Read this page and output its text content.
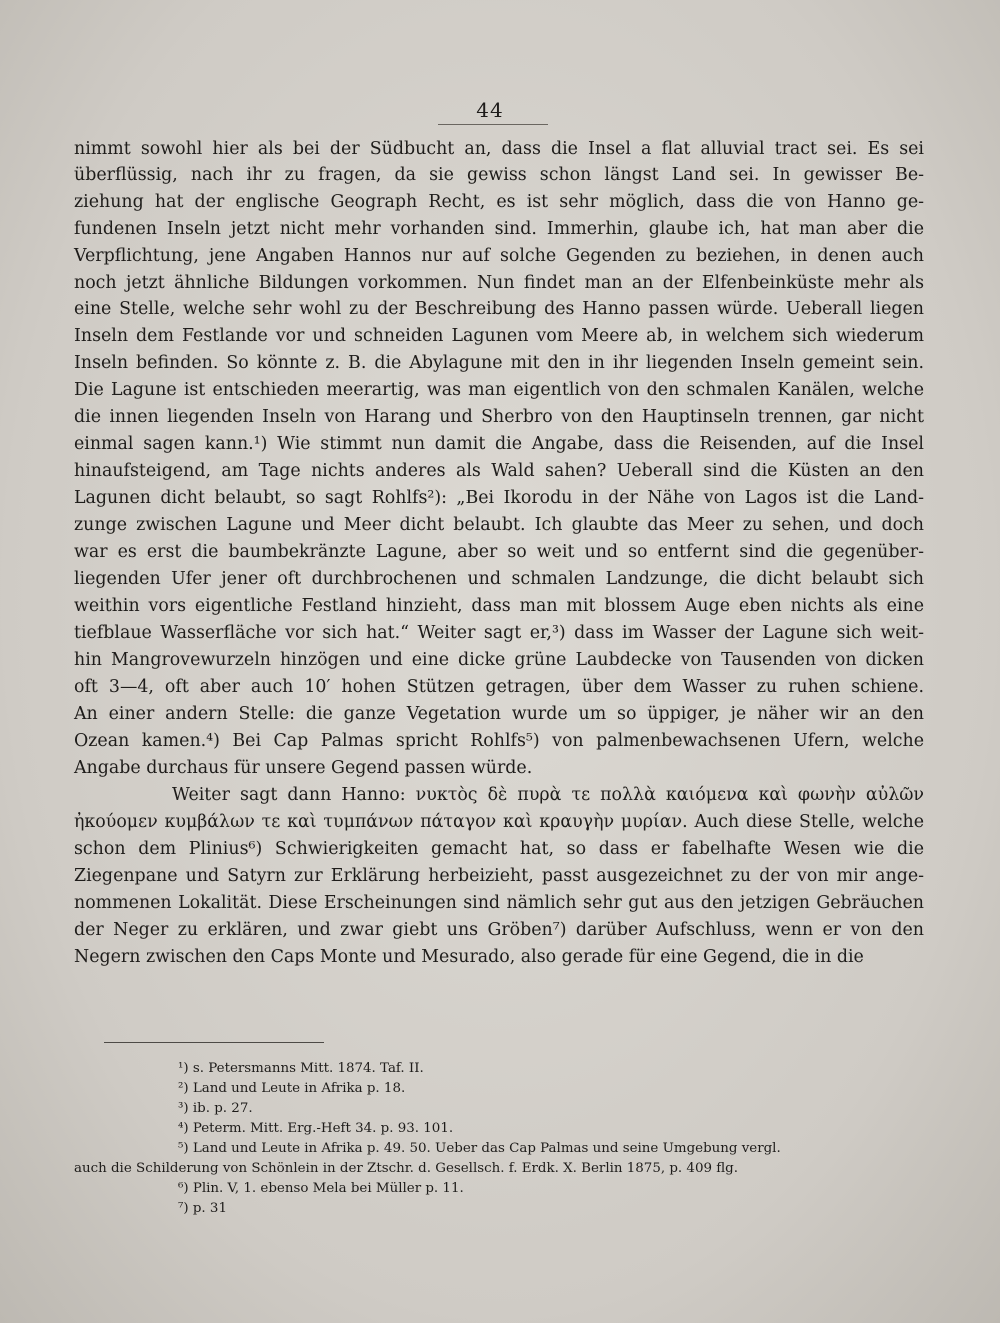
44
nimmt sowohl hier als bei der Südbucht an, dass die Insel a flat alluvial tract sei. Es sei
überflüssig, nach ihr zu fragen, da sie gewiss schon längst Land sei. In gewisser Be-
ziehung hat der englische Geograph Recht, es ist sehr möglich, dass die von Hanno ge-
fundenen Inseln jetzt nicht mehr vorhanden sind. Immerhin, glaube ich, hat man aber die
Verpflichtung, jene Angaben Hannos nur auf solche Gegenden zu beziehen, in denen auch
noch jetzt ähnliche Bildungen vorkommen. Nun findet man an der Elfenbeinküste mehr als
eine Stelle, welche sehr wohl zu der Beschreibung des Hanno passen würde. Ueberall liegen
Inseln dem Festlande vor und schneiden Lagunen vom Meere ab, in welchem sich wiederum
Inseln befinden. So könnte z. B. die Abylagune mit den in ihr liegenden Inseln gemeint sein.
Die Lagune ist entschieden meerartig, was man eigentlich von den schmalen Kanälen, welche
die innen liegenden Inseln von Harang und Sherbro von den Hauptinseln trennen, gar nicht
einmal sagen kann.¹) Wie stimmt nun damit die Angabe, dass die Reisenden, auf die Insel
hinaufsteigend, am Tage nichts anderes als Wald sahen? Ueberall sind die Küsten an den
Lagunen dicht belaubt, so sagt Rohlfs²): „Bei Ikorodu in der Nähe von Lagos ist die Land-
zunge zwischen Lagune und Meer dicht belaubt. Ich glaubte das Meer zu sehen, und doch
war es erst die baumbekränzte Lagune, aber so weit und so entfernt sind die gegenüber-
liegenden Ufer jener oft durchbrochenen und schmalen Landzunge, die dicht belaubt sich
weithin vors eigentliche Festland hinzieht, dass man mit blossem Auge eben nichts als eine
tiefblaue Wasserfläche vor sich hat.“ Weiter sagt er,³) dass im Wasser der Lagune sich weit-
hin Mangrovewurzeln hinzögen und eine dicke grüne Laubdecke von Tausenden von dicken
oft 3—4, oft aber auch 10′ hohen Stützen getragen, über dem Wasser zu ruhen schiene.
An einer andern Stelle: die ganze Vegetation wurde um so üppiger, je näher wir an den
Ozean kamen.⁴) Bei Cap Palmas spricht Rohlfs⁵) von palmenbewachsenen Ufern, welche
Angabe durchaus für unsere Gegend passen würde.
Weiter sagt dann Hanno: νυκτὸς δὲ πυρὰ τε πολλὰ καιόμενα καὶ φωνὴν αὐλῶν
ἠκούομεν κυμβάλων τε καὶ τυμπάνων πάταγον καὶ κραυγὴν μυρίαν. Auch diese Stelle, welche
schon dem Plinius⁶) Schwierigkeiten gemacht hat, so dass er fabelhafte Wesen wie die
Ziegenpane und Satyrn zur Erklärung herbeizieht, passt ausgezeichnet zu der von mir ange-
nommenen Lokalität. Diese Erscheinungen sind nämlich sehr gut aus den jetzigen Gebräuchen
der Neger zu erklären, und zwar giebt uns Gröben⁷) darüber Aufschluss, wenn er von den
Negern zwischen den Caps Monte und Mesurado, also gerade für eine Gegend, die in die
¹) s. Petersmanns Mitt. 1874. Taf. II.
²) Land und Leute in Afrika p. 18.
³) ib. p. 27.
⁴) Peterm. Mitt. Erg.-Heft 34. p. 93. 101.
⁵) Land und Leute in Afrika p. 49. 50. Ueber das Cap Palmas und seine Umgebung vergl.
auch die Schilderung von Schönlein in der Ztschr. d. Gesellsch. f. Erdk. X. Berlin 1875, p. 409 flg.
⁶) Plin. V, 1. ebenso Mela bei Müller p. 11.
⁷) p. 31
